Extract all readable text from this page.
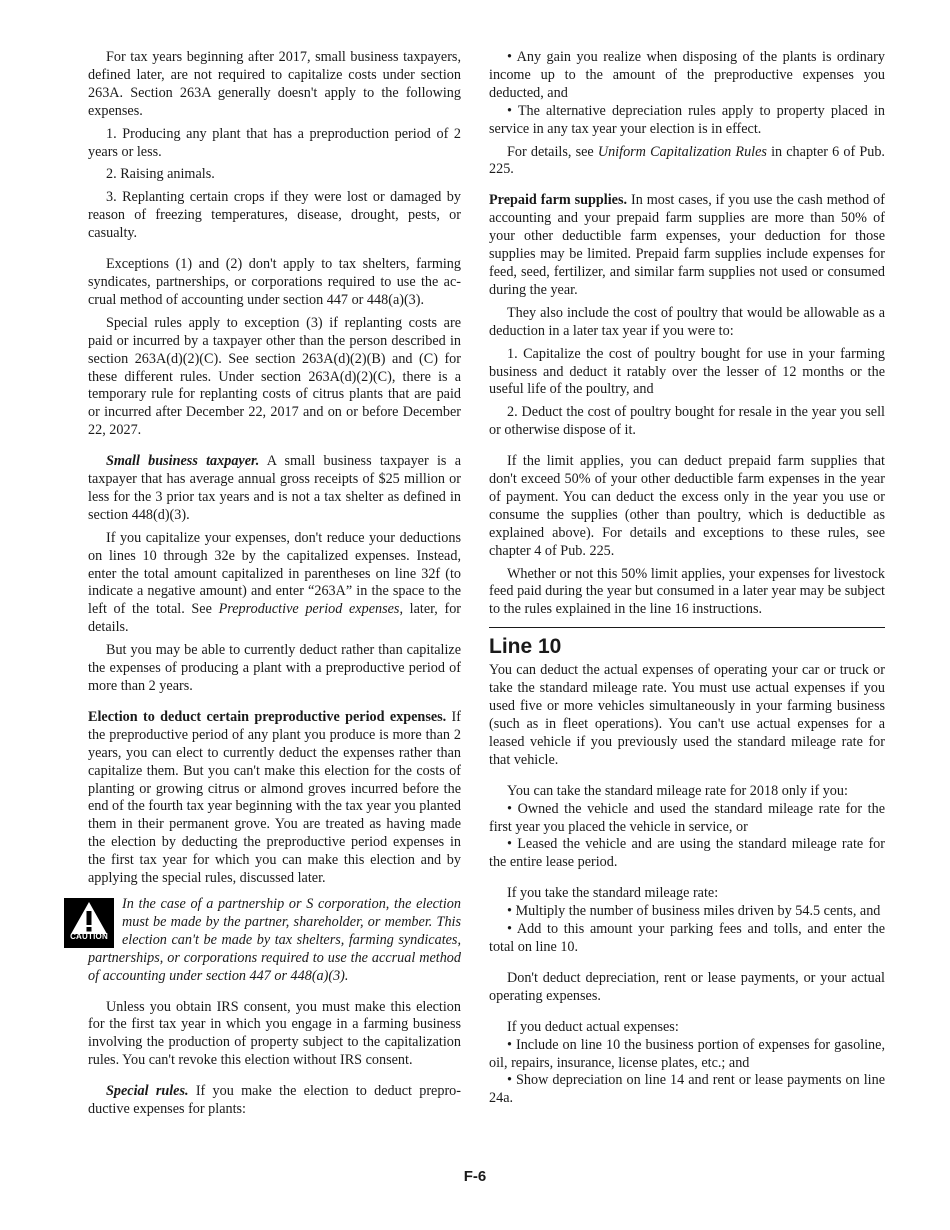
For tax years beginning after 2017, small business taxpayers, defined later, are not required to capitalize costs under section 263A. Section 263A generally doesn't apply to the following expenses.

1. Producing any plant that has a preproduction period of 2 years or less.

2. Raising animals.

3. Replanting certain crops if they were lost or damaged by reason of freezing temperatures, disease, drought, pests, or casualty.

Exceptions (1) and (2) don't apply to tax shelters, farming syndicates, partnerships, or corporations required to use the accrual method of accounting under section 447 or 448(a)(3).

Special rules apply to exception (3) if replanting costs are paid or incurred by a taxpayer other than the person described in section 263A(d)(2)(C). See section 263A(d)(2)(B) and (C) for these different rules. Under section 263A(d)(2)(C), there is a temporary rule for replanting costs of citrus plants that are paid or incurred after December 22, 2017 and on or before December 22, 2027.

Small business taxpayer. A small business taxpayer is a taxpayer that has average annual gross receipts of $25 million or less for the 3 prior tax years and is not a tax shelter as defined in section 448(d)(3).

If you capitalize your expenses, don't reduce your deductions on lines 10 through 32e by the capitalized expenses. Instead, enter the total amount capitalized in parentheses on line 32f (to indicate a negative amount) and enter “263A” in the space to the left of the total. See Preproductive period expenses, later, for details.

But you may be able to currently deduct rather than capitalize the expenses of producing a plant with a preproductive period of more than 2 years.

Election to deduct certain preproductive period expenses. If the preproductive period of any plant you produce is more than 2 years, you can elect to currently deduct the expenses rather than capitalize them. But you can't make this election for the costs of planting or growing citrus or almond groves incurred before the end of the fourth tax year beginning with the tax year you planted them in their permanent grove. You are treated as having made the election by deducting the preproductive period expenses in the first tax year for which you can make this election and by applying the special rules, discussed later.

CAUTION
In the case of a partnership or S corporation, the election must be made by the partner, shareholder, or member. This election can't be made by tax shelters, farming syndicates, partnerships, or corporations required to use the accrual method of accounting under section 447 or 448(a)(3).

Unless you obtain IRS consent, you must make this election for the first tax year in which you engage in a farming business involving the production of property subject to the capitalization rules. You can't revoke this election without IRS consent.

Special rules. If you make the election to deduct preproductive expenses for plants:

• Any gain you realize when disposing of the plants is ordinary income up to the amount of the preproductive expenses you deducted, and

• The alternative depreciation rules apply to property placed in service in any tax year your election is in effect.

For details, see Uniform Capitalization Rules in chapter 6 of Pub. 225.

Prepaid farm supplies. In most cases, if you use the cash method of accounting and your prepaid farm supplies are more than 50% of your other deductible farm expenses, your deduction for those supplies may be limited. Prepaid farm supplies include expenses for feed, seed, fertilizer, and similar farm supplies not used or consumed during the year.

They also include the cost of poultry that would be allowable as a deduction in a later tax year if you were to:

1. Capitalize the cost of poultry bought for use in your farming business and deduct it ratably over the lesser of 12 months or the useful life of the poultry, and

2. Deduct the cost of poultry bought for resale in the year you sell or otherwise dispose of it.

If the limit applies, you can deduct prepaid farm supplies that don't exceed 50% of your other deductible farm expenses in the year of payment. You can deduct the excess only in the year you use or consume the supplies (other than poultry, which is deductible as explained above). For details and exceptions to these rules, see chapter 4 of Pub. 225.

Whether or not this 50% limit applies, your expenses for livestock feed paid during the year but consumed in a later year may be subject to the rules explained in the line 16 instructions.

Line 10

You can deduct the actual expenses of operating your car or truck or take the standard mileage rate. You must use actual expenses if you used five or more vehicles simultaneously in your farming business (such as in fleet operations). You can't use actual expenses for a leased vehicle if you previously used the standard mileage rate for that vehicle.

You can take the standard mileage rate for 2018 only if you:

• Owned the vehicle and used the standard mileage rate for the first year you placed the vehicle in service, or

• Leased the vehicle and are using the standard mileage rate for the entire lease period.

If you take the standard mileage rate:

• Multiply the number of business miles driven by 54.5 cents, and

• Add to this amount your parking fees and tolls, and enter the total on line 10.

Don't deduct depreciation, rent or lease payments, or your actual operating expenses.

If you deduct actual expenses:

• Include on line 10 the business portion of expenses for gasoline, oil, repairs, insurance, license plates, etc.; and

• Show depreciation on line 14 and rent or lease payments on line 24a.

F-6
